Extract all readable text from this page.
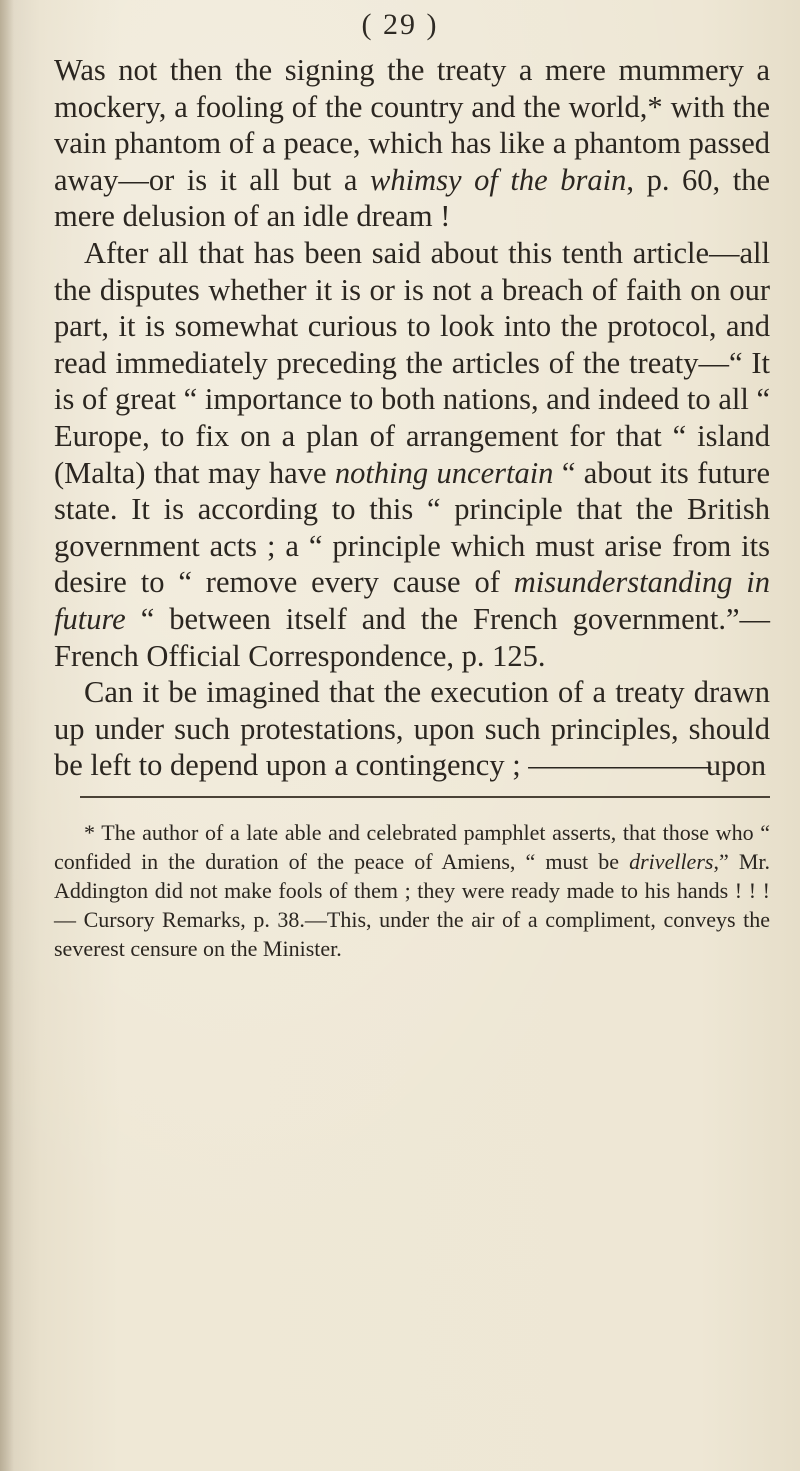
( 29 )

Was not then the signing the treaty a mere mummery a mockery, a fooling of the country and the world,* with the vain phantom of a peace, which has like a phantom passed away—or is it all but a whimsy of the brain, p. 60, the mere delusion of an idle dream !

After all that has been said about this tenth article—all the disputes whether it is or is not a breach of faith on our part, it is somewhat curious to look into the protocol, and read immediately preceding the articles of the treaty—“ It is of great “ importance to both nations, and indeed to all “ Europe, to fix on a plan of arrangement for that “ island (Malta) that may have nothing uncertain “ about its future state. It is according to this “ principle that the British government acts ; a “ principle which must arise from its desire to “ remove every cause of misunderstanding in future “ between itself and the French government.”— French Official Correspondence, p. 125.

Can it be imagined that the execution of a treaty drawn up under such protestations, upon such principles, should be left to depend upon a contingency ; ——————

upon

* The author of a late able and celebrated pamphlet asserts, that those who “ confided in the duration of the peace of Amiens, “ must be drivellers,” Mr. Addington did not make fools of them ; they were ready made to his hands ! ! ! — Cursory Remarks, p. 38.—This, under the air of a compliment, conveys the severest censure on the Minister.
